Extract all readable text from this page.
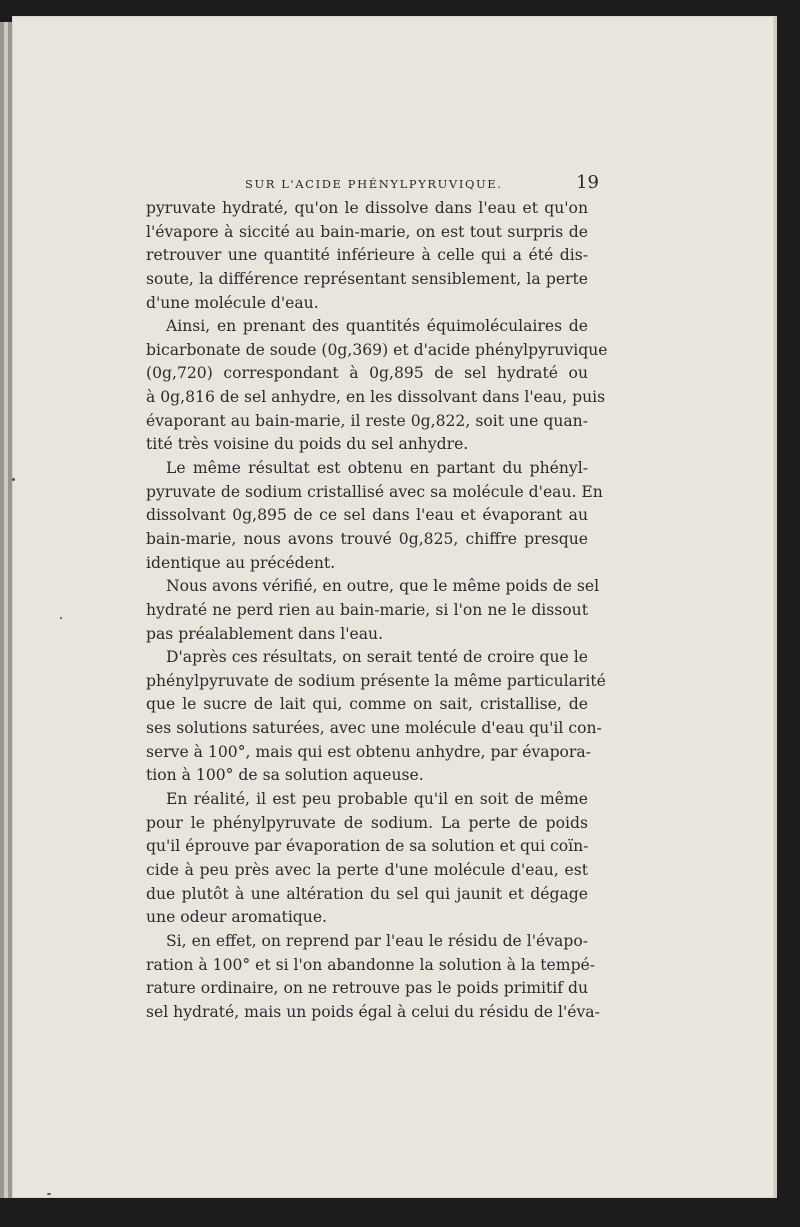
SUR L'ACIDE PHÉNYLPYRUVIQUE.	19
pyruvate hydraté, qu'on le dissolve dans l'eau et qu'on
l'évapore à siccité au bain-marie, on est tout surpris de
retrouver une quantité inférieure à celle qui a été dis-
soute, la différence représentant sensiblement, la perte
d'une molécule d'eau.
Ainsi, en prenant des quantités équimoléculaires de
bicarbonate de soude (0g,369) et d'acide phénylpyruvique
(0g,720) correspondant à 0g,895 de sel hydraté ou
à 0g,816 de sel anhydre, en les dissolvant dans l'eau, puis
évaporant au bain-marie, il reste 0g,822, soit une quan-
tité très voisine du poids du sel anhydre.
Le même résultat est obtenu en partant du phényl-
pyruvate de sodium cristallisé avec sa molécule d'eau. En
dissolvant 0g,895 de ce sel dans l'eau et évaporant au
bain-marie, nous avons trouvé 0g,825, chiffre presque
identique au précédent.
Nous avons vérifié, en outre, que le même poids de sel
hydraté ne perd rien au bain-marie, si l'on ne le dissout
pas préalablement dans l'eau.
D'après ces résultats, on serait tenté de croire que le
phénylpyruvate de sodium présente la même particularité
que le sucre de lait qui, comme on sait, cristallise, de
ses solutions saturées, avec une molécule d'eau qu'il con-
serve à 100°, mais qui est obtenu anhydre, par évapora-
tion à 100° de sa solution aqueuse.
En réalité, il est peu probable qu'il en soit de même
pour le phénylpyruvate de sodium. La perte de poids
qu'il éprouve par évaporation de sa solution et qui coïn-
cide à peu près avec la perte d'une molécule d'eau, est
due plutôt à une altération du sel qui jaunit et dégage
une odeur aromatique.
Si, en effet, on reprend par l'eau le résidu de l'évapo-
ration à 100° et si l'on abandonne la solution à la tempé-
rature ordinaire, on ne retrouve pas le poids primitif du
sel hydraté, mais un poids égal à celui du résidu de l'éva-
